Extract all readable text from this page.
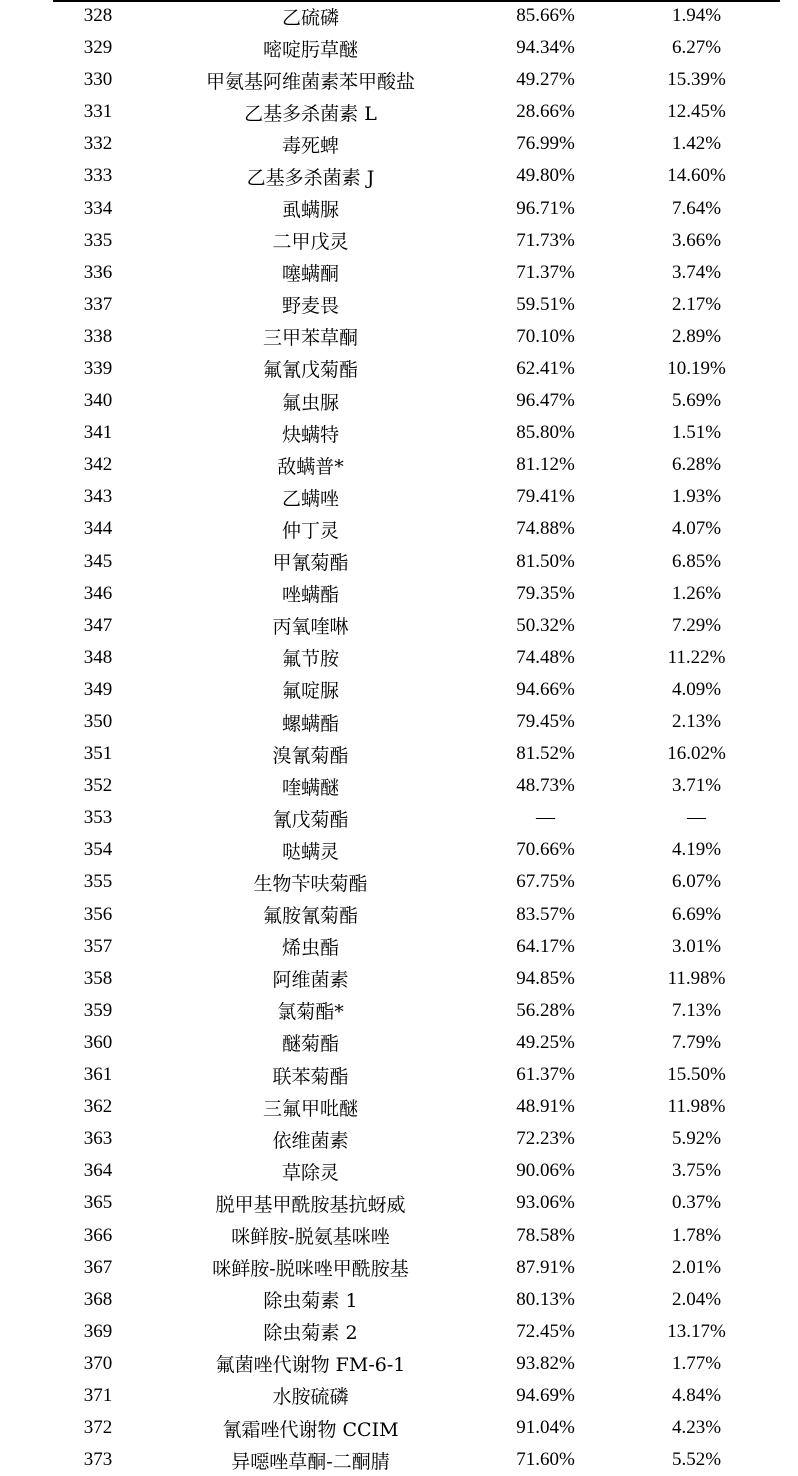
328	乙硫磷	85.66%	1.94%
329	嘧啶肟草醚	94.34%	6.27%
330	甲氨基阿维菌素苯甲酸盐	49.27%	15.39%
331	乙基多杀菌素 L	28.66%	12.45%
332	毒死蜱	76.99%	1.42%
333	乙基多杀菌素 J	49.80%	14.60%
334	虱螨脲	96.71%	7.64%
335	二甲戊灵	71.73%	3.66%
336	噻螨酮	71.37%	3.74%
337	野麦畏	59.51%	2.17%
338	三甲苯草酮	70.10%	2.89%
339	氟氰戊菊酯	62.41%	10.19%
340	氟虫脲	96.47%	5.69%
341	炔螨特	85.80%	1.51%
342	敌螨普*	81.12%	6.28%
343	乙螨唑	79.41%	1.93%
344	仲丁灵	74.88%	4.07%
345	甲氰菊酯	81.50%	6.85%
346	唑螨酯	79.35%	1.26%
347	丙氧喹啉	50.32%	7.29%
348	氟节胺	74.48%	11.22%
349	氟啶脲	94.66%	4.09%
350	螺螨酯	79.45%	2.13%
351	溴氰菊酯	81.52%	16.02%
352	喹螨醚	48.73%	3.71%
353	氰戊菊酯	—	—
354	哒螨灵	70.66%	4.19%
355	生物苄呋菊酯	67.75%	6.07%
356	氟胺氰菊酯	83.57%	6.69%
357	烯虫酯	64.17%	3.01%
358	阿维菌素	94.85%	11.98%
359	氯菊酯*	56.28%	7.13%
360	醚菊酯	49.25%	7.79%
361	联苯菊酯	61.37%	15.50%
362	三氟甲吡醚	48.91%	11.98%
363	依维菌素	72.23%	5.92%
364	草除灵	90.06%	3.75%
365	脱甲基甲酰胺基抗蚜威	93.06%	0.37%
366	咪鲜胺-脱氨基咪唑	78.58%	1.78%
367	咪鲜胺-脱咪唑甲酰胺基	87.91%	2.01%
368	除虫菊素 1	80.13%	2.04%
369	除虫菊素 2	72.45%	13.17%
370	氟菌唑代谢物 FM-6-1	93.82%	1.77%
371	水胺硫磷	94.69%	4.84%
372	氰霜唑代谢物 CCIM	91.04%	4.23%
373	异噁唑草酮-二酮腈	71.60%	5.52%
